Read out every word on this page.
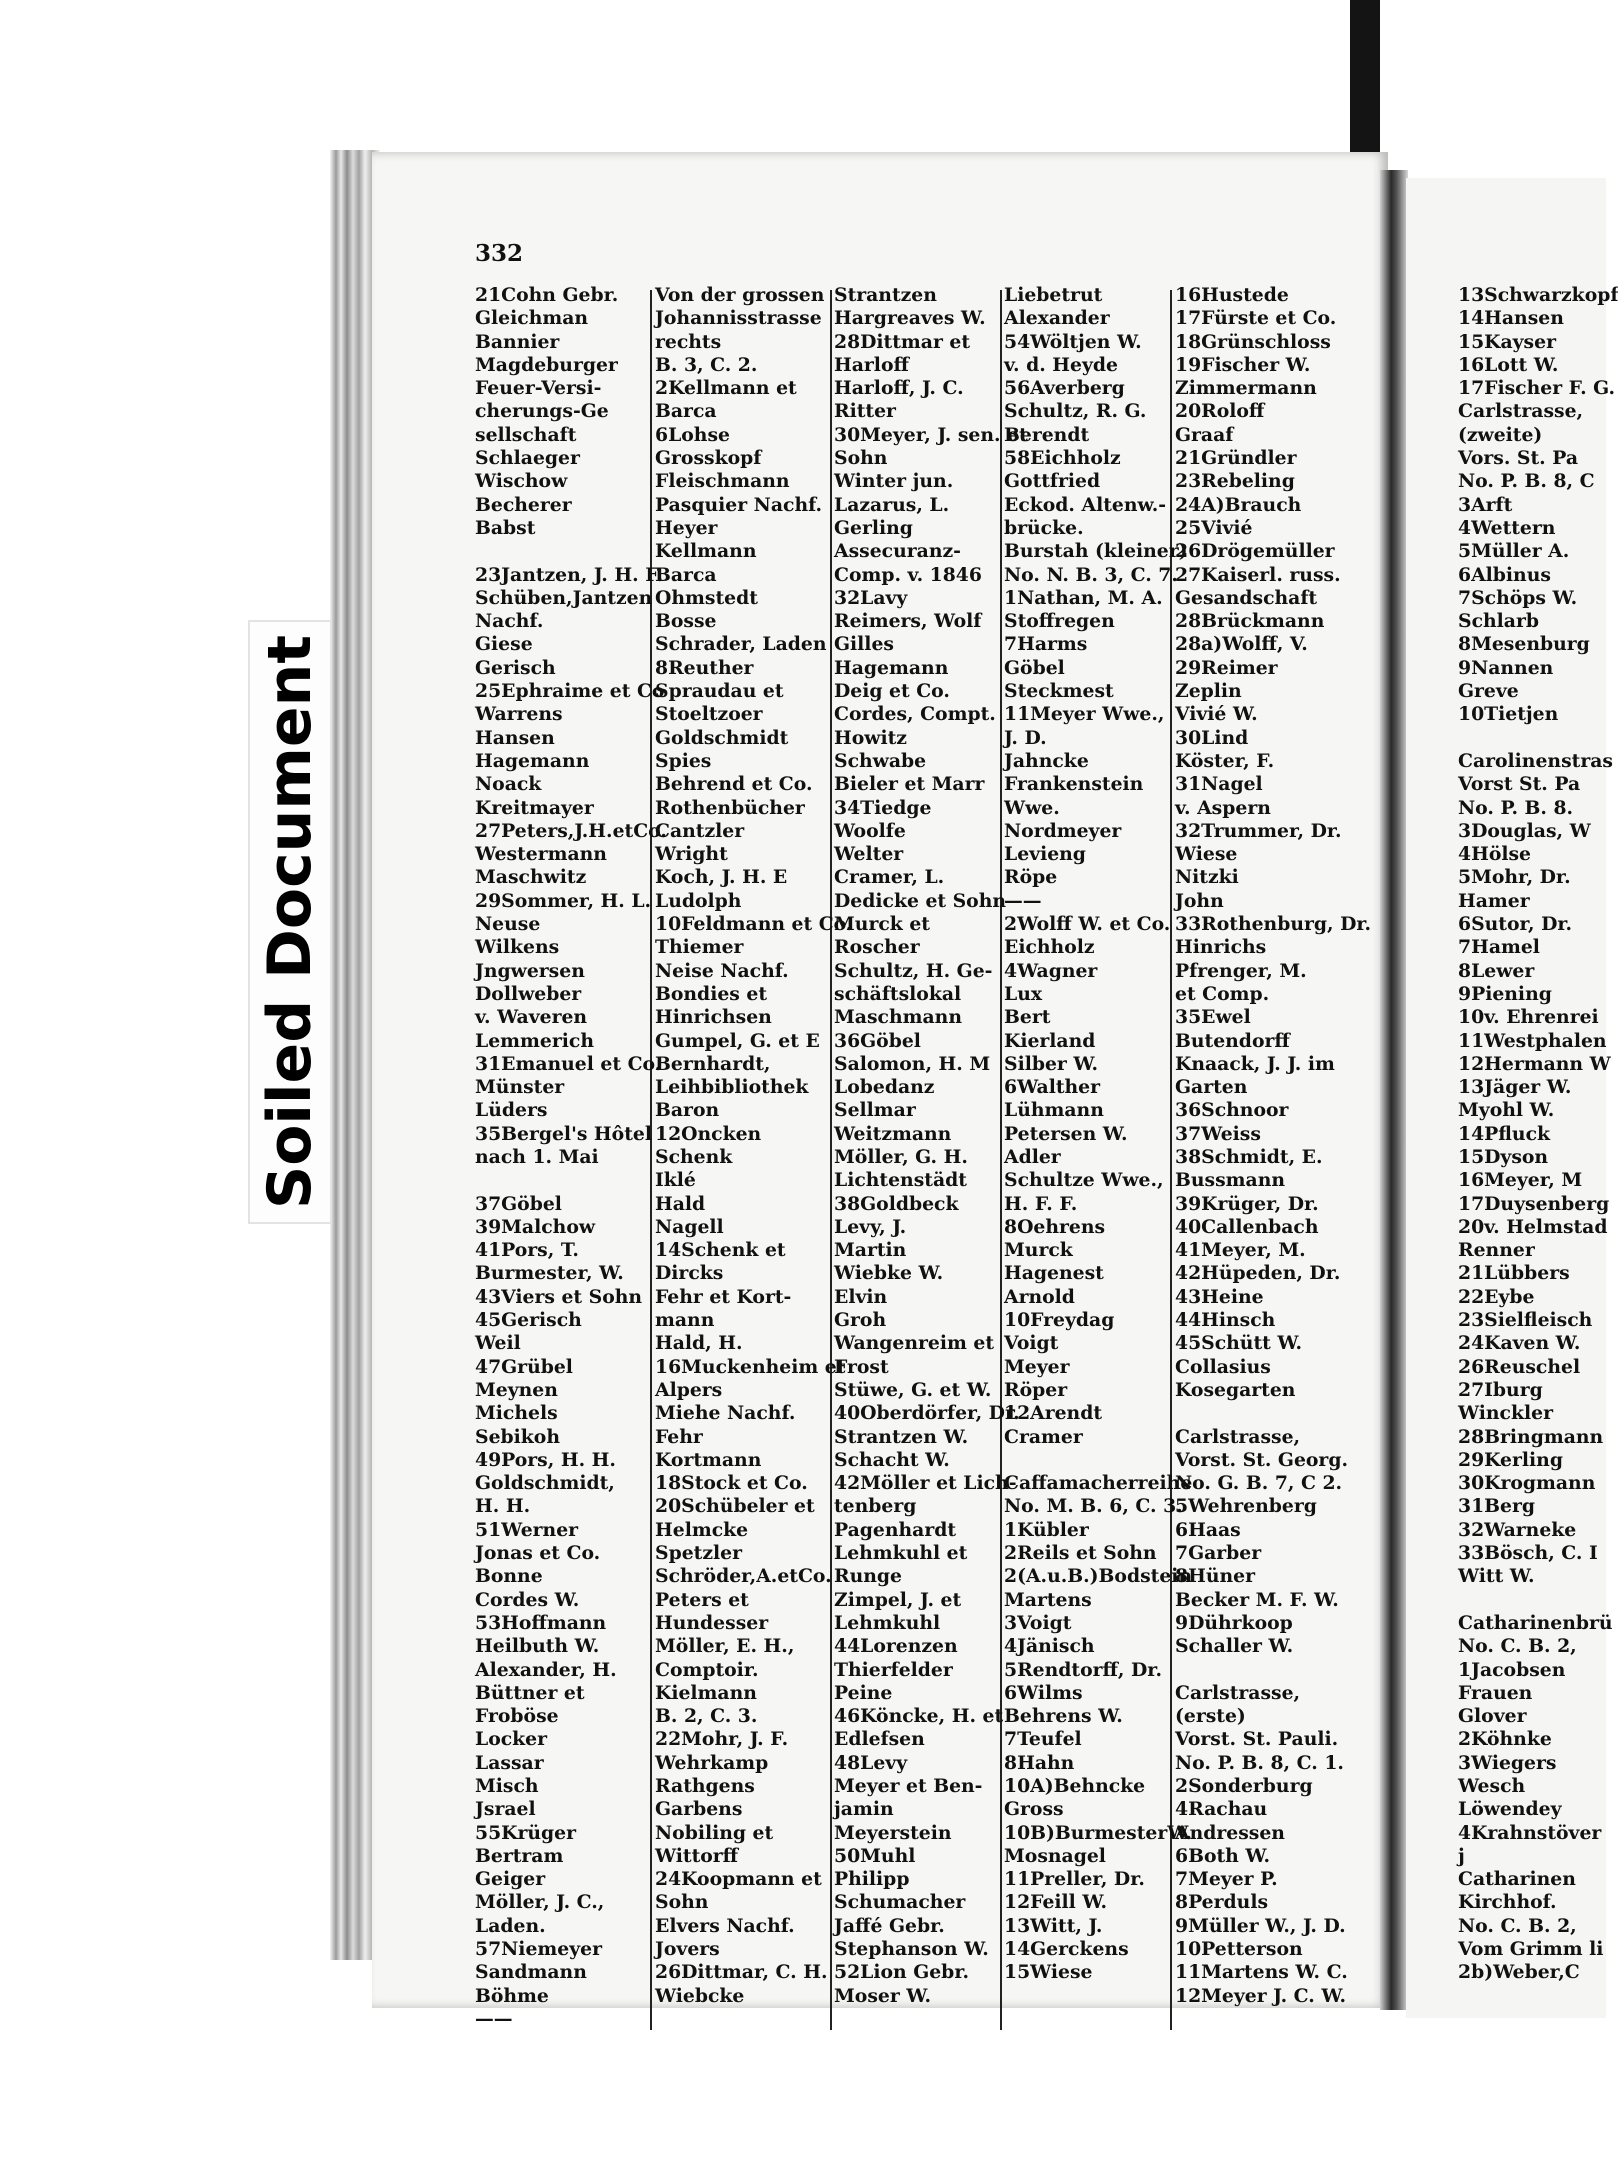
332
21Cohn Gebr.
Gleichman
Bannier
Magdeburger
Feuer-Versi-
cherungs-Ge
sellschaft
Schlaeger
Wischow
Becherer
Babst
23Jantzen, J. H. F.
Schüben,Jantzen
Nachf.
Giese
Gerisch
25Ephraime et Co
Warrens
Hansen
Hagemann
Noack
Kreitmayer
27Peters,J.H.etCo.
Westermann
Maschwitz
29Sommer, H. L.
Neuse
Wilkens
Jngwersen
Dollweber
v. Waveren
Lemmerich
31Emanuel et Co.
Münster
Lüders
35Bergel's Hôtel
nach 1. Mai
37Göbel
39Malchow
41Pors, T.
Burmester, W.
43Viers et Sohn
45Gerisch
Weil
47Grübel
Meynen
Michels
Sebikoh
49Pors, H. H.
Goldschmidt,
H. H.
51Werner
Jonas et Co.
Bonne
Cordes W.
53Hoffmann
Heilbuth W.
Alexander, H.
Büttner et
Froböse
Locker
Lassar
Misch
Jsrael
55Krüger
Bertram
Geiger
Möller, J. C.,
Laden.
57Niemeyer
Sandmann
Böhme
——
Von der grossen
Johannisstrasse
rechts
B. 3, C. 2.
2Kellmann et
Barca
6Lohse
Grosskopf
Fleischmann
Pasquier Nachf.
Heyer
Kellmann
Barca
Ohmstedt
Bosse
Schrader, Laden
8Reuther
Spraudau et
Stoeltzoer
Goldschmidt
Spies
Behrend et Co.
Rothenbücher
Cantzler
Wright
Koch, J. H. E
Ludolph
10Feldmann et Co.
Thiemer
Neise Nachf.
Bondies et
Hinrichsen
Gumpel, G. et E
Bernhardt,
Leihbibliothek
Baron
12Oncken
Schenk
Iklé
Hald
Nagell
14Schenk et
Dircks
Fehr et Kort-
mann
Hald, H.
16Muckenheim et
Alpers
Miehe Nachf.
Fehr
Kortmann
18Stock et Co.
20Schübeler et
Helmcke
Spetzler
Schröder,A.etCo.
Peters et
Hundesser
Möller, E. H.,
Comptoir.
Kielmann
B. 2, C. 3.
22Mohr, J. F.
Wehrkamp
Rathgens
Garbens
Nobiling et
Wittorff
24Koopmann et
Sohn
Elvers Nachf.
Jovers
26Dittmar, C. H.
Wiebcke
Strantzen
Hargreaves W.
28Dittmar et
Harloff
Harloff, J. C.
Ritter
30Meyer, J. sen. et
Sohn
Winter jun.
Lazarus, L.
Gerling
Assecuranz-
Comp. v. 1846
32Lavy
Reimers, Wolf
Gilles
Hagemann
Deig et Co.
Cordes, Compt.
Howitz
Schwabe
Bieler et Marr
34Tiedge
Woolfe
Welter
Cramer, L.
Dedicke et Sohn
Murck et
Roscher
Schultz, H. Ge-
schäftslokal
Maschmann
36Göbel
Salomon, H. M
Lobedanz
Sellmar
Weitzmann
Möller, G. H.
Lichtenstädt
38Goldbeck
Levy, J.
Martin
Wiebke W.
Elvin
Groh
Wangenreim et
Frost
Stüwe, G. et W.
40Oberdörfer, Dr.
Strantzen W.
Schacht W.
42Möller et Lich-
tenberg
Pagenhardt
Lehmkuhl et
Runge
Zimpel, J. et
Lehmkuhl
44Lorenzen
Thierfelder
Peine
46Köncke, H. et
Edlefsen
48Levy
Meyer et Ben-
jamin
Meyerstein
50Muhl
Philipp
Schumacher
Jaffé Gebr.
Stephanson W.
52Lion Gebr.
Moser W.
Liebetrut
Alexander
54Wöltjen W.
v. d. Heyde
56Averberg
Schultz, R. G.
Berendt
58Eichholz
Gottfried
Eckod. Altenw.-
brücke.
Burstah (kleiner)
No. N. B. 3, C. 7.
1Nathan, M. A.
Stoffregen
7Harms
Göbel
Steckmest
11Meyer Wwe.,
J. D.
Jahncke
Frankenstein
Wwe.
Nordmeyer
Levieng
Röpe
——
2Wolff W. et Co.
Eichholz
4Wagner
Lux
Bert
Kierland
Silber W.
6Walther
Lühmann
Petersen W.
Adler
Schultze Wwe.,
H. F. F.
8Oehrens
Murck
Hagenest
Arnold
10Freydag
Voigt
Meyer
Röper
12Arendt
Cramer
Caffamacherreihe
No. M. B. 6, C. 3.
1Kübler
2Reils et Sohn
2(A.u.B.)Bodstein
Martens
3Voigt
4Jänisch
5Rendtorff, Dr.
6Wilms
Behrens W.
7Teufel
8Hahn
10A)Behncke
Gross
10B)BurmesterW.
Mosnagel
11Preller, Dr.
12Feill W.
13Witt, J.
14Gerckens
15Wiese
16Hustede
17Fürste et Co.
18Grünschloss
19Fischer W.
Zimmermann
20Roloff
Graaf
21Gründler
23Rebeling
24A)Brauch
25Vivié
26Drögemüller
27Kaiserl. russ.
Gesandschaft
28Brückmann
28a)Wolff, V.
29Reimer
Zeplin
Vivié W.
30Lind
Köster, F.
31Nagel
v. Aspern
32Trummer, Dr.
Wiese
Nitzki
John
33Rothenburg, Dr.
Hinrichs
Pfrenger, M.
et Comp.
35Ewel
Butendorff
Knaack, J. J. im
Garten
36Schnoor
37Weiss
38Schmidt, E.
Bussmann
39Krüger, Dr.
40Callenbach
41Meyer, M.
42Hüpeden, Dr.
43Heine
44Hinsch
45Schütt W.
Collasius
Kosegarten
Carlstrasse,
Vorst. St. Georg.
No. G. B. 7, C 2.
5Wehrenberg
6Haas
7Garber
8Hüner
Becker M. F. W.
9Dührkoop
Schaller W.
Carlstrasse,
(erste)
Vorst. St. Pauli.
No. P. B. 8, C. 1.
2Sonderburg
4Rachau
Andressen
6Both W.
7Meyer P.
8Perduls
9Müller W., J. D.
10Petterson
11Martens W. C.
12Meyer J. C. W.
13Schwarzkopf
14Hansen
15Kayser
16Lott W.
17Fischer F. G.
Carlstrasse,
(zweite)
Vors. St. Pa
No. P. B. 8, C
3Arft
4Wettern
5Müller A.
6Albinus
7Schöps W.
Schlarb
8Mesenburg
9Nannen
Greve
10Tietjen
Carolinenstras
Vorst St. Pa
No. P. B. 8.
3Douglas, W
4Hölse
5Mohr, Dr.
Hamer
6Sutor, Dr.
7Hamel
8Lewer
9Piening
10v. Ehrenrei
11Westphalen
12Hermann W
13Jäger W.
Myohl W.
14Pfluck
15Dyson
16Meyer, M
17Duysenberg
20v. Helmstad
Renner
21Lübbers
22Eybe
23Sielfleisch
24Kaven W.
26Reuschel
27Iburg
Winckler
28Bringmann
29Kerling
30Krogmann
31Berg
32Warneke
33Bösch, C. I
Witt W.
Catharinenbrü
No. C. B. 2,
1Jacobsen
Frauen
Glover
2Köhnke
3Wiegers
Wesch
Löwendey
4Krahnstöver
j
Catharinen
Kirchhof.
No. C. B. 2,
Vom Grimm li
2b)Weber,C
Soiled Document
